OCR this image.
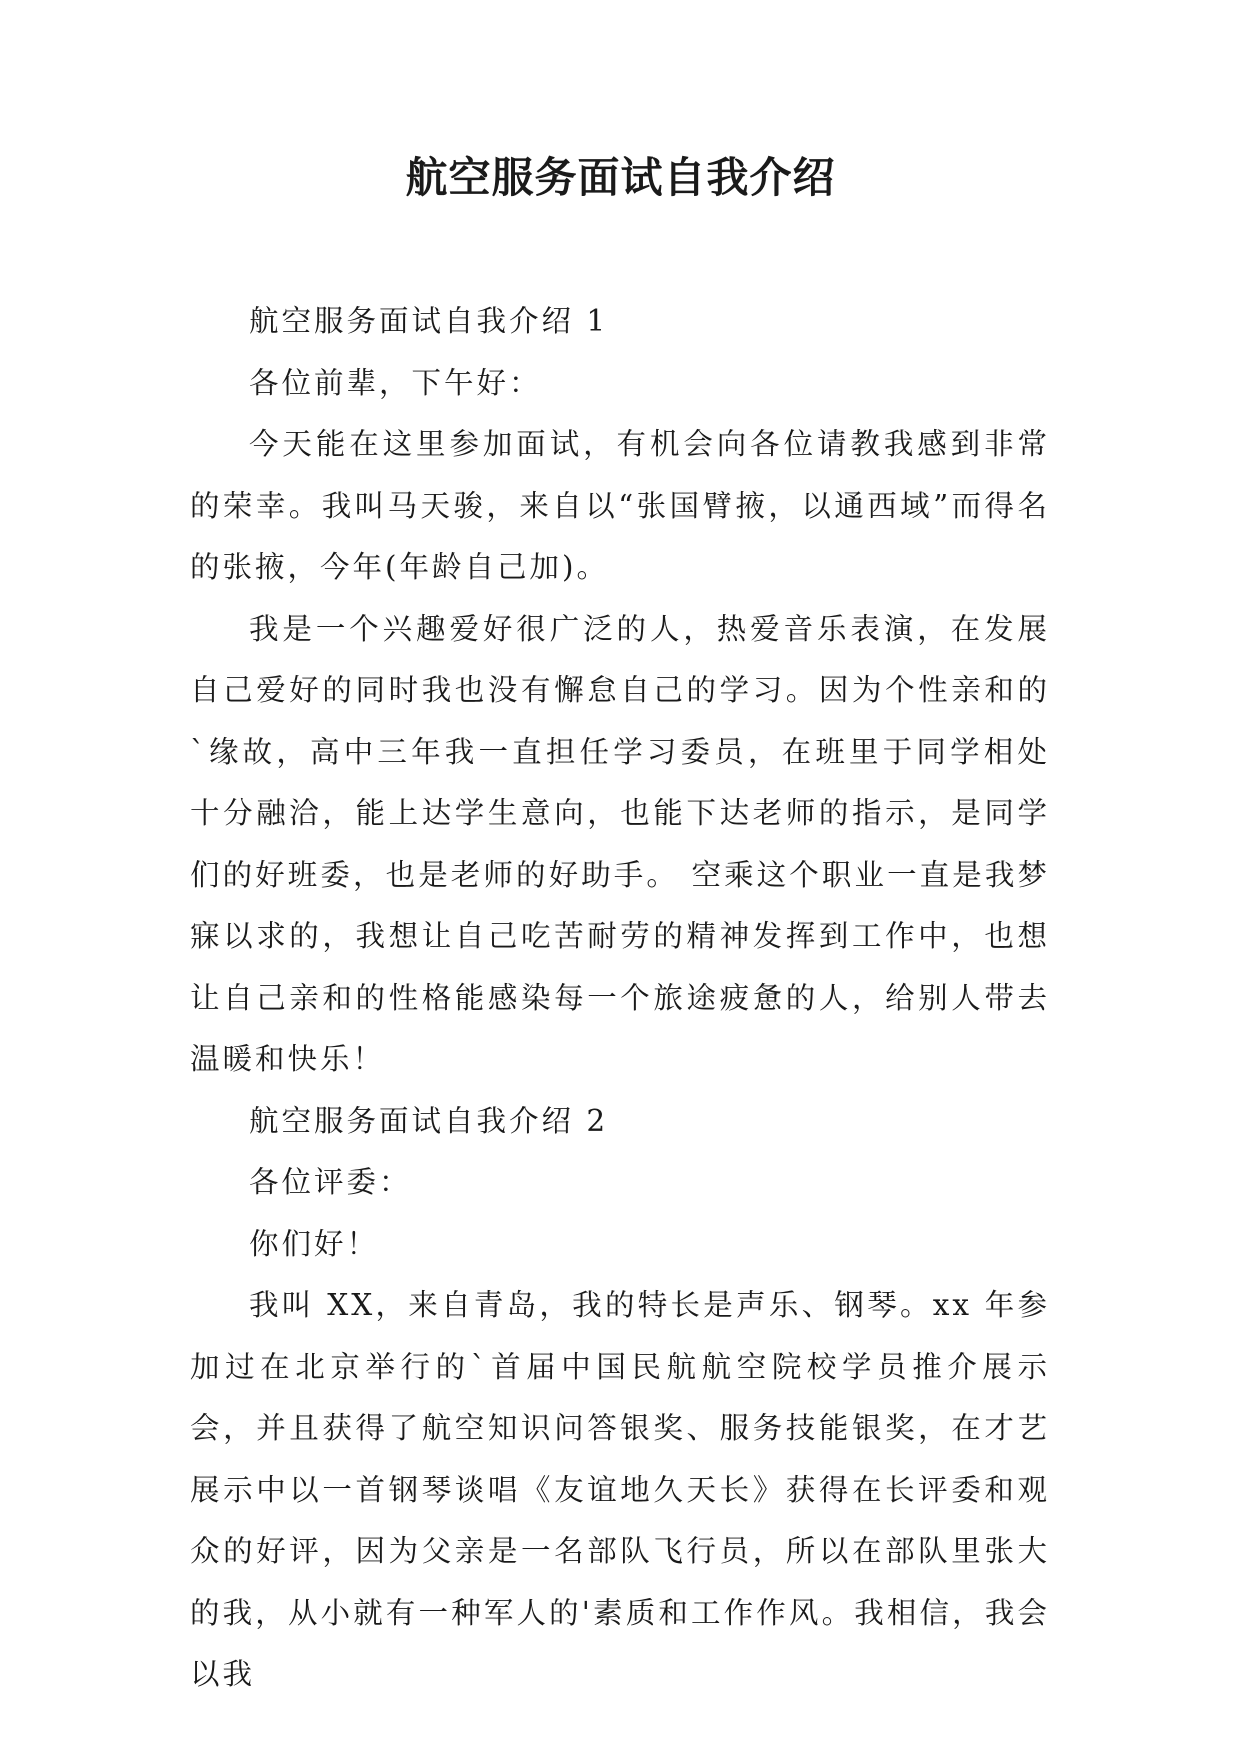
航空服务面试自我介绍

航空服务面试自我介绍 1

各位前辈，下午好：

今天能在这里参加面试，有机会向各位请教我感到非常的荣幸。我叫马天骏，来自以“张国臂掖，以通西域”而得名的张掖，今年(年龄自己加)。

我是一个兴趣爱好很广泛的人，热爱音乐表演，在发展自己爱好的同时我也没有懈怠自己的学习。因为个性亲和的`缘故，高中三年我一直担任学习委员，在班里于同学相处十分融洽，能上达学生意向，也能下达老师的指示，是同学们的好班委，也是老师的好助手。 空乘这个职业一直是我梦寐以求的，我想让自己吃苦耐劳的精神发挥到工作中，也想让自己亲和的性格能感染每一个旅途疲惫的人，给别人带去温暖和快乐！

航空服务面试自我介绍 2

各位评委：

你们好！

我叫 XX，来自青岛，我的特长是声乐、钢琴。xx 年参加过在北京举行的`首届中国民航航空院校学员推介展示会，并且获得了航空知识问答银奖、服务技能银奖，在才艺展示中以一首钢琴谈唱《友谊地久天长》获得在长评委和观众的好评，因为父亲是一名部队飞行员，所以在部队里张大的我，从小就有一种军人的'素质和工作作风。我相信，我会以我
